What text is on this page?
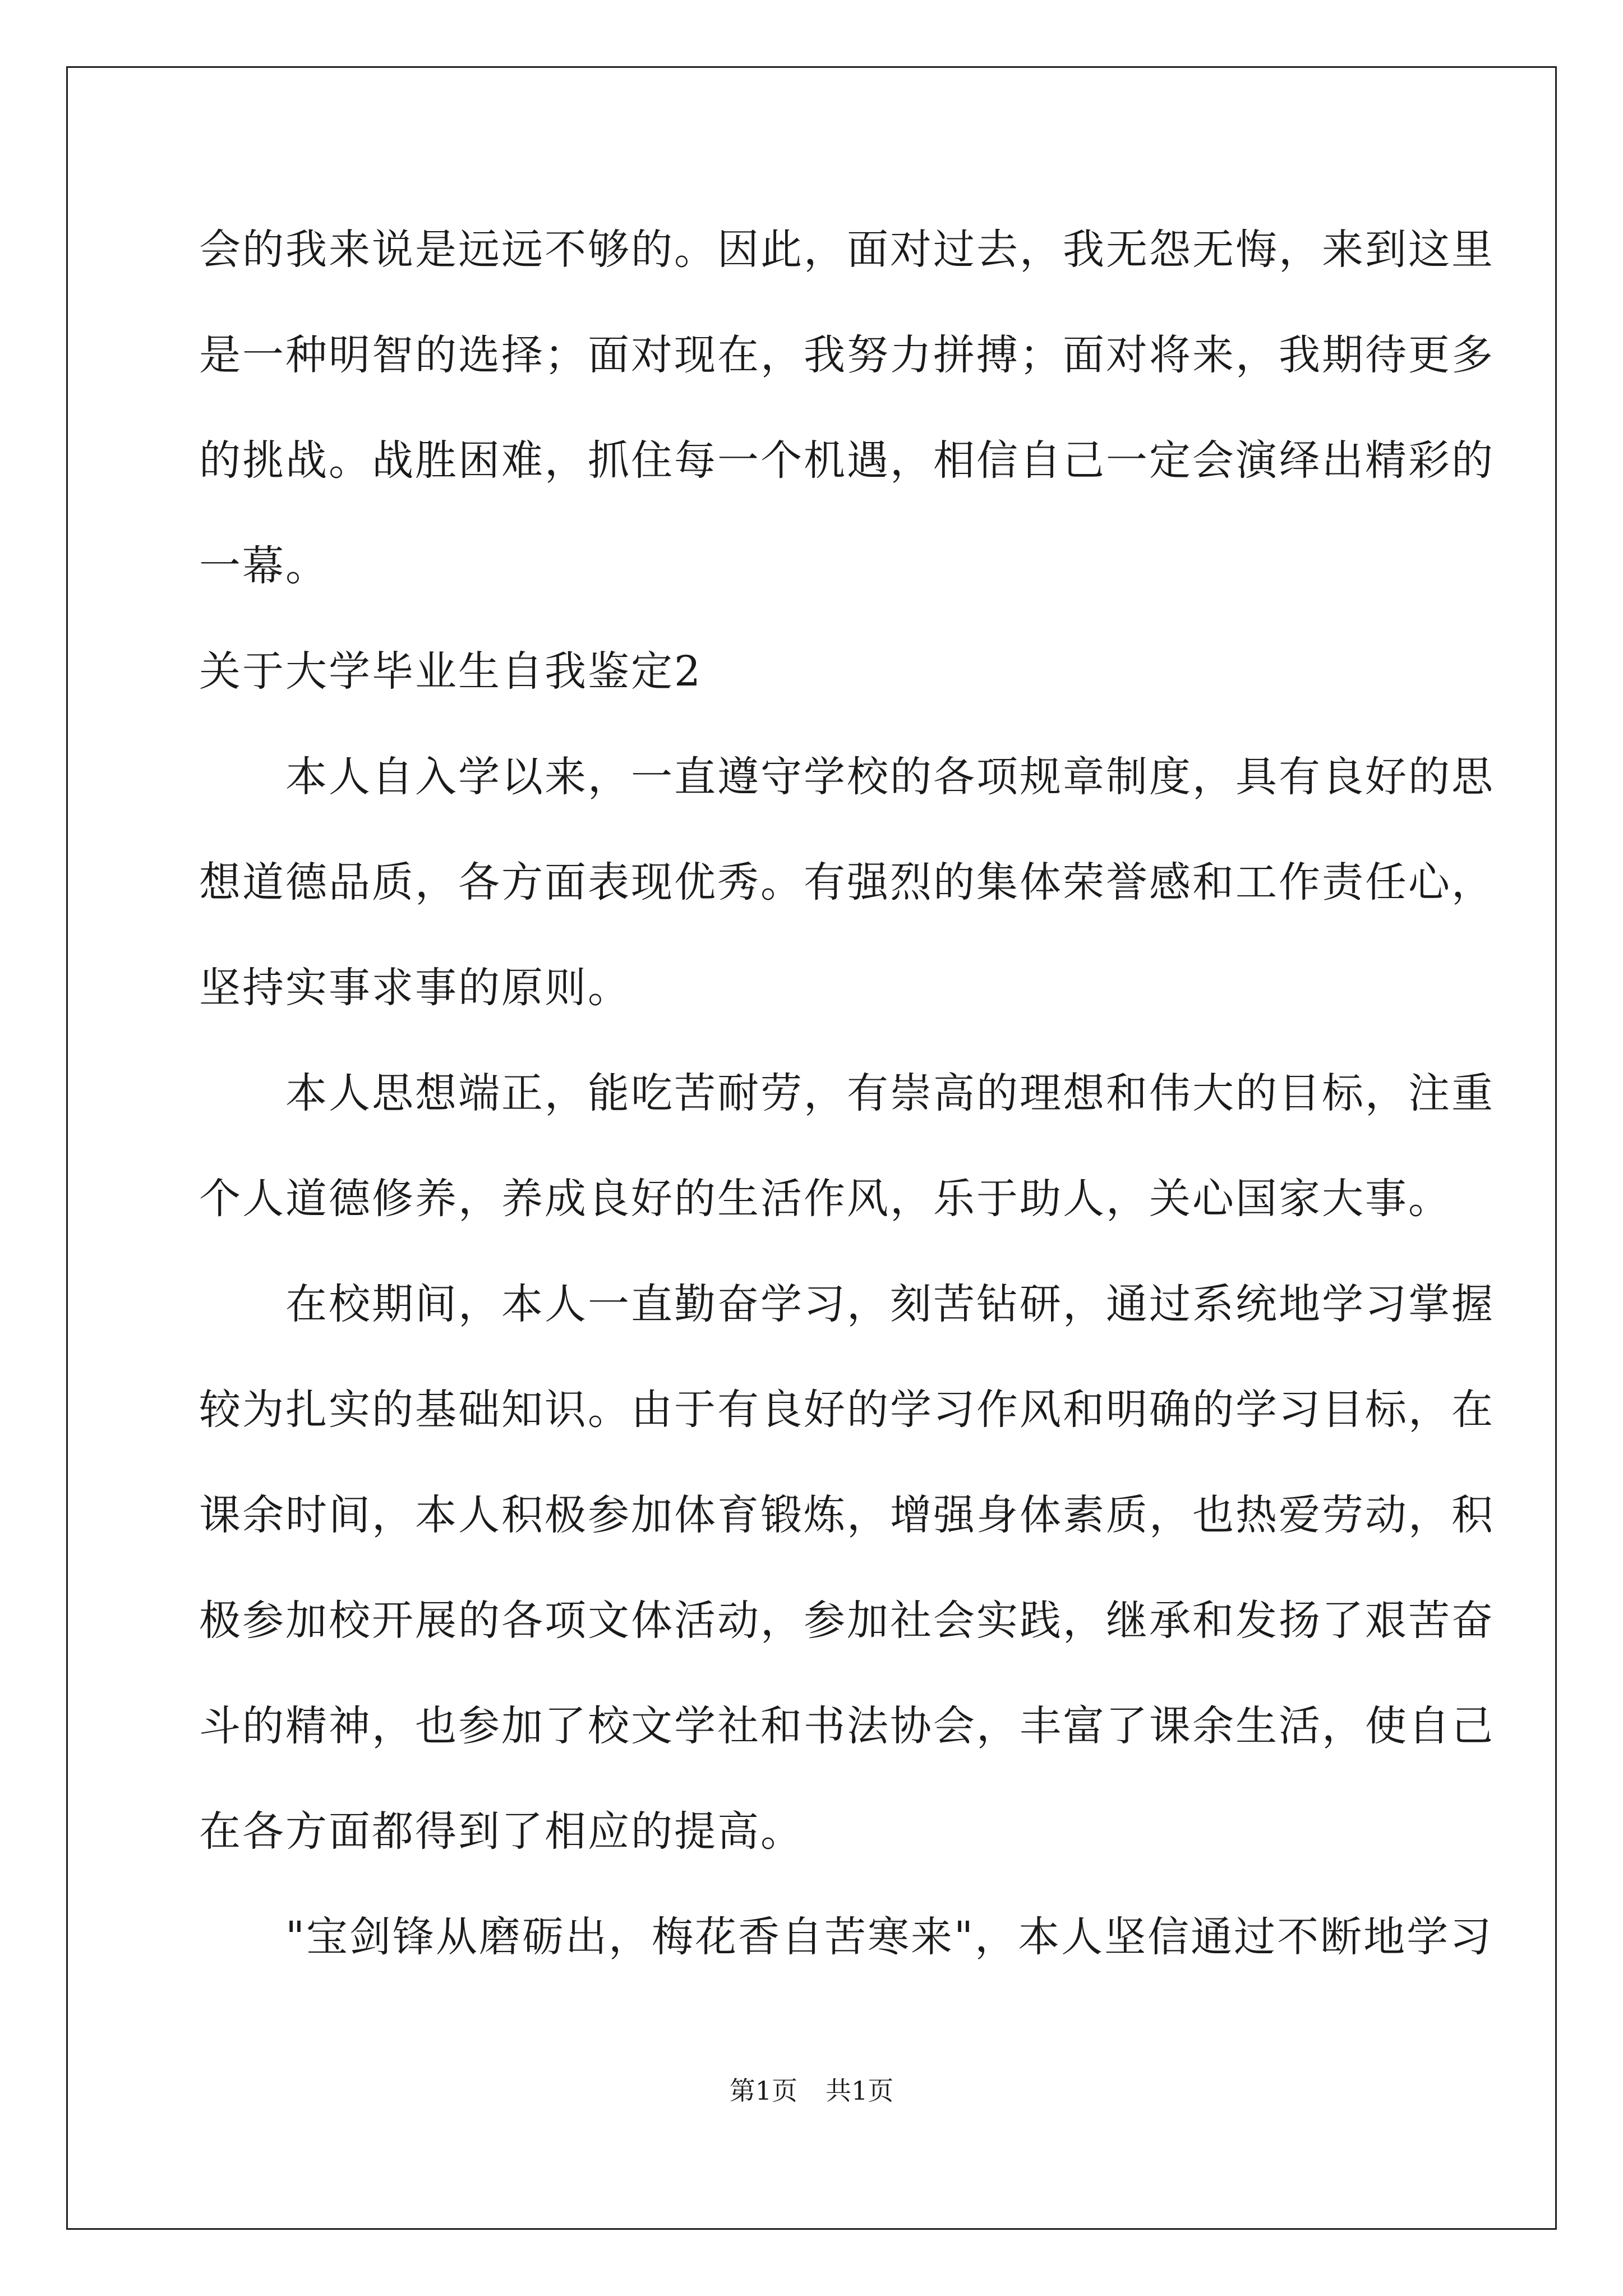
会的我来说是远远不够的。因此，面对过去，我无怨无悔，来到这里
是一种明智的选择；面对现在，我努力拼搏；面对将来，我期待更多
的挑战。战胜困难，抓住每一个机遇，相信自己一定会演绎出精彩的
一幕。
关于大学毕业生自我鉴定2
　　本人自入学以来，一直遵守学校的各项规章制度，具有良好的思
想道德品质，各方面表现优秀。有强烈的集体荣誉感和工作责任心，
坚持实事求事的原则。
　　本人思想端正，能吃苦耐劳，有崇高的理想和伟大的目标，注重
个人道德修养，养成良好的生活作风，乐于助人，关心国家大事。
　　在校期间，本人一直勤奋学习，刻苦钻研，通过系统地学习掌握
较为扎实的基础知识。由于有良好的学习作风和明确的学习目标，在
课余时间，本人积极参加体育锻炼，增强身体素质，也热爱劳动，积
极参加校开展的各项文体活动，参加社会实践，继承和发扬了艰苦奋
斗的精神，也参加了校文学社和书法协会，丰富了课余生活，使自己
在各方面都得到了相应的提高。
　　"宝剑锋从磨砺出，梅花香自苦寒来"，本人坚信通过不断地学习
第1页 共1页
